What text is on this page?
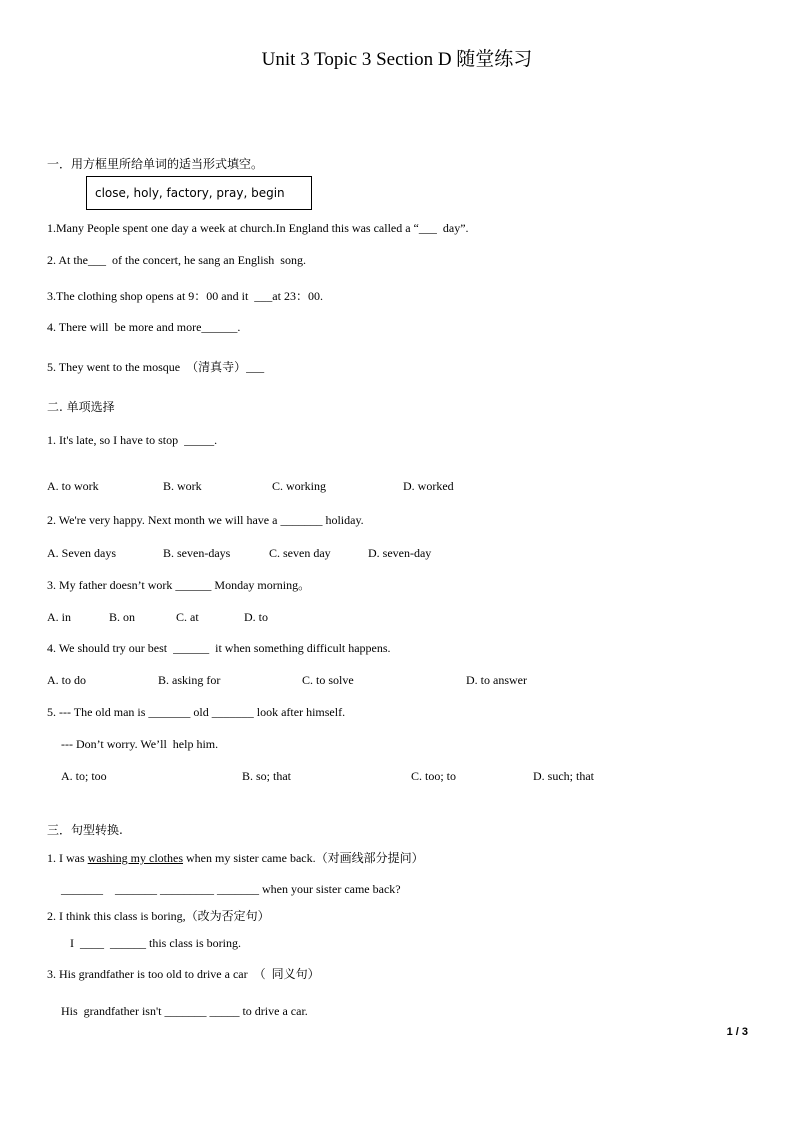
Unit 3 Topic 3 Section D 随堂练习
一．用方框里所给单词的适当形式填空。
close, holy, factory, pray, begin
1.Many People spent one day a week at church.In England this was called a “___  day”.
2. At the___  of the concert, he sang an English  song.
3.The clothing shop opens at 9：00 and it  ___at 23：00.
4. There will  be more and more______.
5. They went to the mosque  （清真寺）___
二. 单项选择
1. It's late, so I have to stop  _____.
A. to work	B. work	C. working	D. worked
2. We're very happy. Next month we will have a _______ holiday.
A. Seven days	B. seven-days	C. seven day	D. seven-day
3. My father doesn’t work ______ Monday morning。
A. in	B. on	C. at	D. to
4. We should try our best  ______  it when something difficult happens.
A. to do	B. asking for	C. to solve	D. to answer
5. --- The old man is _______ old _______ look after himself.
--- Don’t worry. We’ll  help him.
A. to; too	B. so; that	C. too; to	D. such; that
三．句型转换.
1. I was washing my clothes when my sister came back.（对画线部分提问）
_______    _______ _________ _______ when your sister came back?
2. I think this class is boring,（改为否定句）
I  ____  ______ this class is boring.
3. His grandfather is too old to drive a car  （  同义句）
His  grandfather isn't _______ _____ to drive a car.
1 / 3
